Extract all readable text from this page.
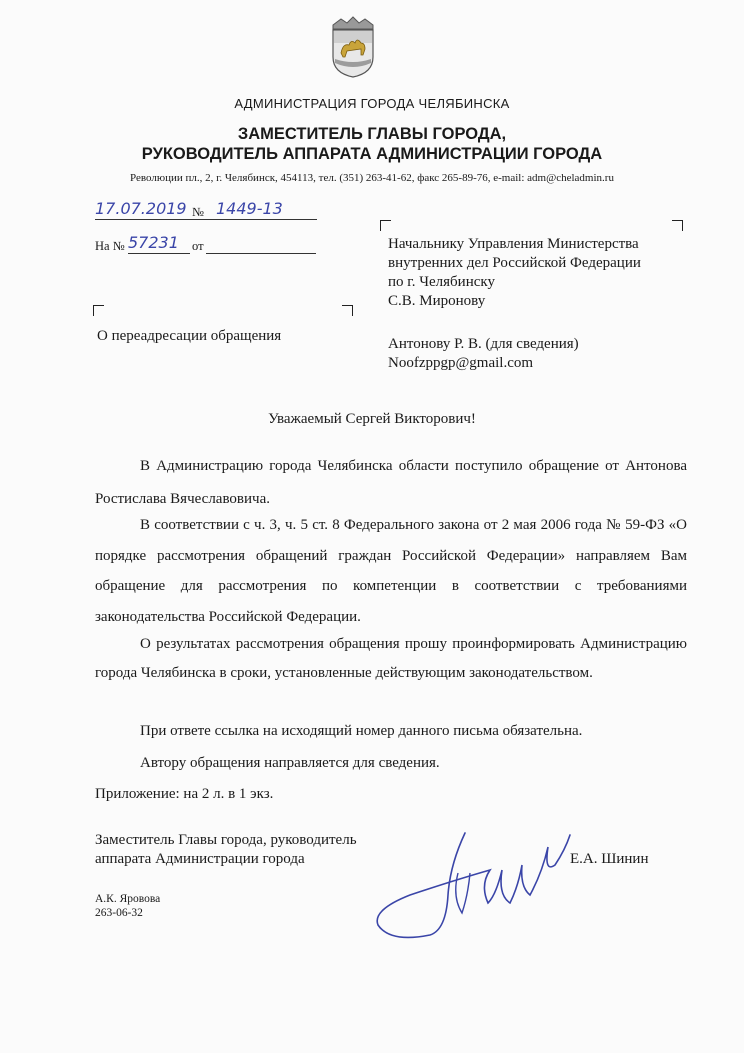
АДМИНИСТРАЦИЯ ГОРОДА ЧЕЛЯБИНСКА
ЗАМЕСТИТЕЛЬ ГЛАВЫ ГОРОДА,
РУКОВОДИТЕЛЬ АППАРАТА АДМИНИСТРАЦИИ ГОРОДА
Революции пл., 2, г. Челябинск, 454113, тел. (351) 263-41-62, факс 265-89-76, e-mail: adm@cheladmin.ru
17.07.2019 № 1449-13
На № 57231 от
О переадресации обращения
Начальнику Управления Министерства
внутренних дел Российской Федерации
по г. Челябинску
С.В. Миронову
Антонову Р. В. (для сведения)
Noofzppgp@gmail.com
Уважаемый Сергей Викторович!
В Администрацию города Челябинска области поступило обращение от Антонова Ростислава Вячеславовича.
В соответствии с ч. 3, ч. 5 ст. 8 Федерального закона от 2 мая 2006 года № 59-ФЗ «О порядке рассмотрения обращений граждан Российской Федерации» направляем Вам обращение для рассмотрения по компетенции в соответствии с требованиями законодательства Российской Федерации.
О результатах рассмотрения обращения прошу проинформировать Администрацию города Челябинска в сроки, установленные действующим законодательством.
При ответе ссылка на исходящий номер данного письма обязательна.
Автору обращения направляется для сведения.
Приложение: на 2 л. в 1 экз.
Заместитель Главы города, руководитель
аппарата Администрации города	Е.А. Шинин
А.К. Яровова
263-06-32
